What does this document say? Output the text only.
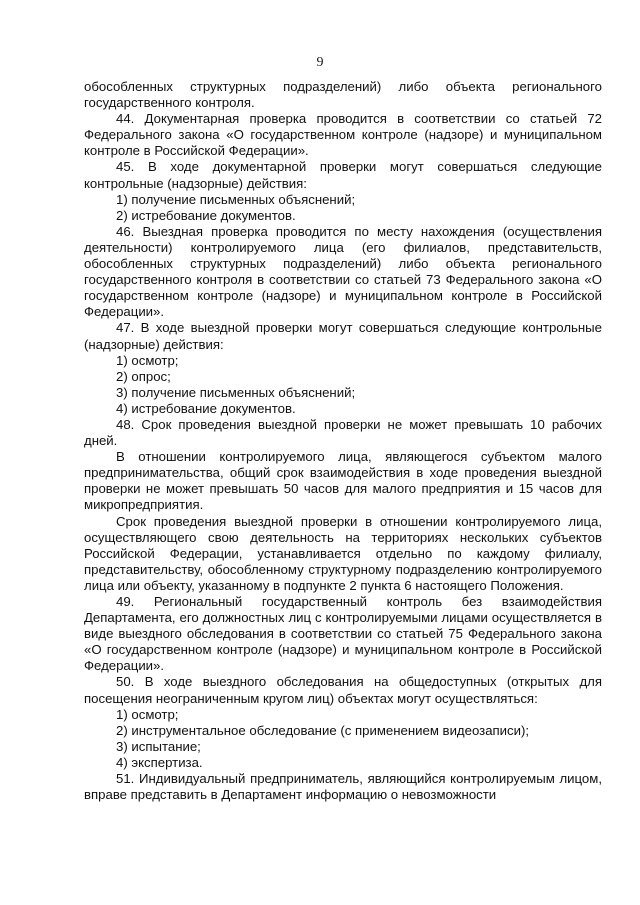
9

обособленных структурных подразделений) либо объекта регионального государственного контроля.

44. Документарная проверка проводится в соответствии со статьей 72 Федерального закона «О государственном контроле (надзоре) и муниципальном контроле в Российской Федерации».

45. В ходе документарной проверки могут совершаться следующие контрольные (надзорные) действия:

1) получение письменных объяснений;

2) истребование документов.

46. Выездная проверка проводится по месту нахождения (осуществления деятельности) контролируемого лица (его филиалов, представительств, обособленных структурных подразделений) либо объекта регионального государственного контроля в соответствии со статьей 73 Федерального закона «О государственном контроле (надзоре) и муниципальном контроле в Российской Федерации».

47. В ходе выездной проверки могут совершаться следующие контрольные (надзорные) действия:

1) осмотр;

2) опрос;

3) получение письменных объяснений;

4) истребование документов.

48. Срок проведения выездной проверки не может превышать 10 рабочих дней.

В отношении контролируемого лица, являющегося субъектом малого предпринимательства, общий срок взаимодействия в ходе проведения выездной проверки не может превышать 50 часов для малого предприятия и 15 часов для микропредприятия.

Срок проведения выездной проверки в отношении контролируемого лица, осуществляющего свою деятельность на территориях нескольких субъектов Российской Федерации, устанавливается отдельно по каждому филиалу, представительству, обособленному структурному подразделению контролируемого лица или объекту, указанному в подпункте 2 пункта 6 настоящего Положения.

49. Региональный государственный контроль без взаимодействия Департамента, его должностных лиц с контролируемыми лицами осуществляется в виде выездного обследования в соответствии со статьей 75 Федерального закона «О государственном контроле (надзоре) и муниципальном контроле в Российской Федерации».

50. В ходе выездного обследования на общедоступных (открытых для посещения неограниченным кругом лиц) объектах могут осуществляться:

1) осмотр;

2) инструментальное обследование (с применением видеозаписи);

3) испытание;

4) экспертиза.

51. Индивидуальный предприниматель, являющийся контролируемым лицом, вправе представить в Департамент информацию о невозможности
